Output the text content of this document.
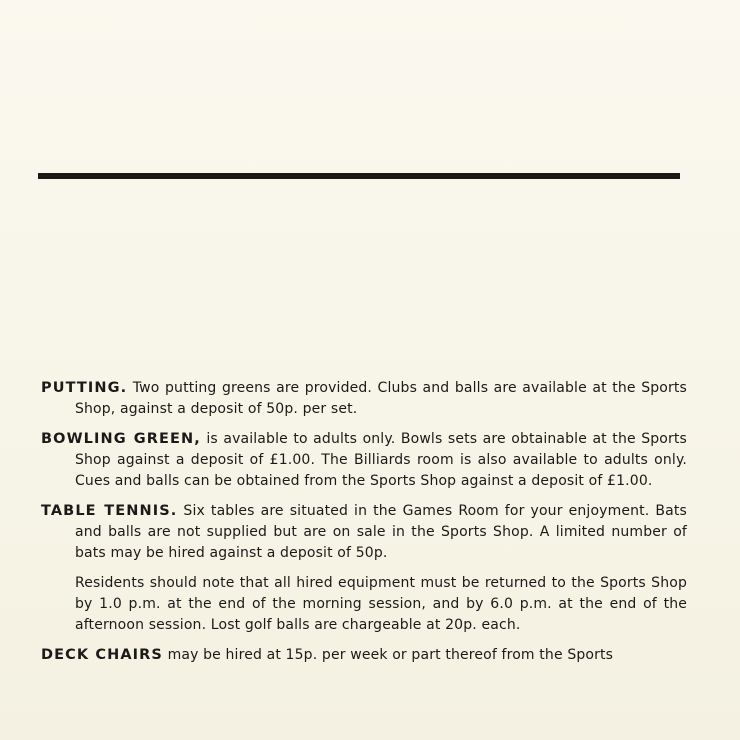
PUTTING. Two putting greens are provided. Clubs and balls are available at the Sports Shop, against a deposit of 50p. per set.

BOWLING GREEN, is available to adults only. Bowls sets are obtainable at the Sports Shop against a deposit of £1.00. The Billiards room is also available to adults only. Cues and balls can be obtained from the Sports Shop against a deposit of £1.00.

TABLE TENNIS. Six tables are situated in the Games Room for your enjoyment. Bats and balls are not supplied but are on sale in the Sports Shop. A limited number of bats may be hired against a deposit of 50p.

Residents should note that all hired equipment must be returned to the Sports Shop by 1.0 p.m. at the end of the morning session, and by 6.0 p.m. at the end of the afternoon session. Lost golf balls are chargeable at 20p. each.

DECK CHAIRS may be hired at 15p. per week or part thereof from the Sports
